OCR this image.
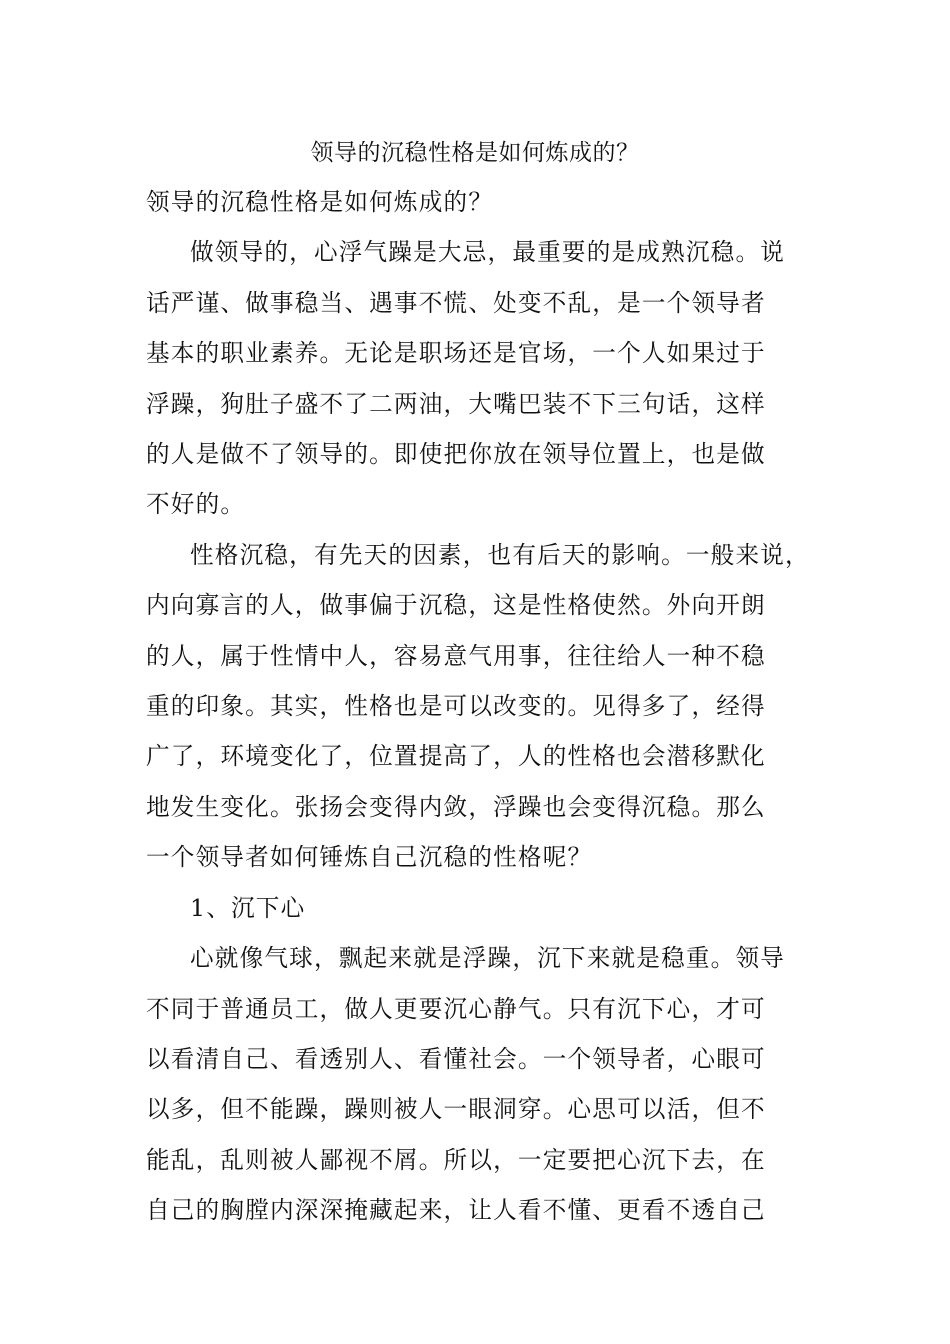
领导的沉稳性格是如何炼成的？

领导的沉稳性格是如何炼成的？

做领导的，心浮气躁是大忌，最重要的是成熟沉稳。说

话严谨、做事稳当、遇事不慌、处变不乱，是一个领导者

基本的职业素养。无论是职场还是官场，一个人如果过于

浮躁，狗肚子盛不了二两油，大嘴巴装不下三句话，这样

的人是做不了领导的。即使把你放在领导位置上，也是做

不好的。

性格沉稳，有先天的因素，也有后天的影响。一般来说，

内向寡言的人，做事偏于沉稳，这是性格使然。外向开朗

的人，属于性情中人，容易意气用事，往往给人一种不稳

重的印象。其实，性格也是可以改变的。见得多了，经得

广了，环境变化了，位置提高了，人的性格也会潜移默化

地发生变化。张扬会变得内敛，浮躁也会变得沉稳。那么

一个领导者如何锤炼自己沉稳的性格呢？

1、沉下心

心就像气球，飘起来就是浮躁，沉下来就是稳重。领导

不同于普通员工，做人更要沉心静气。只有沉下心，才可

以看清自己、看透别人、看懂社会。一个领导者，心眼可

以多，但不能躁，躁则被人一眼洞穿。心思可以活，但不

能乱，乱则被人鄙视不屑。所以，一定要把心沉下去，在

自己的胸膛内深深掩藏起来，让人看不懂、更看不透自己
